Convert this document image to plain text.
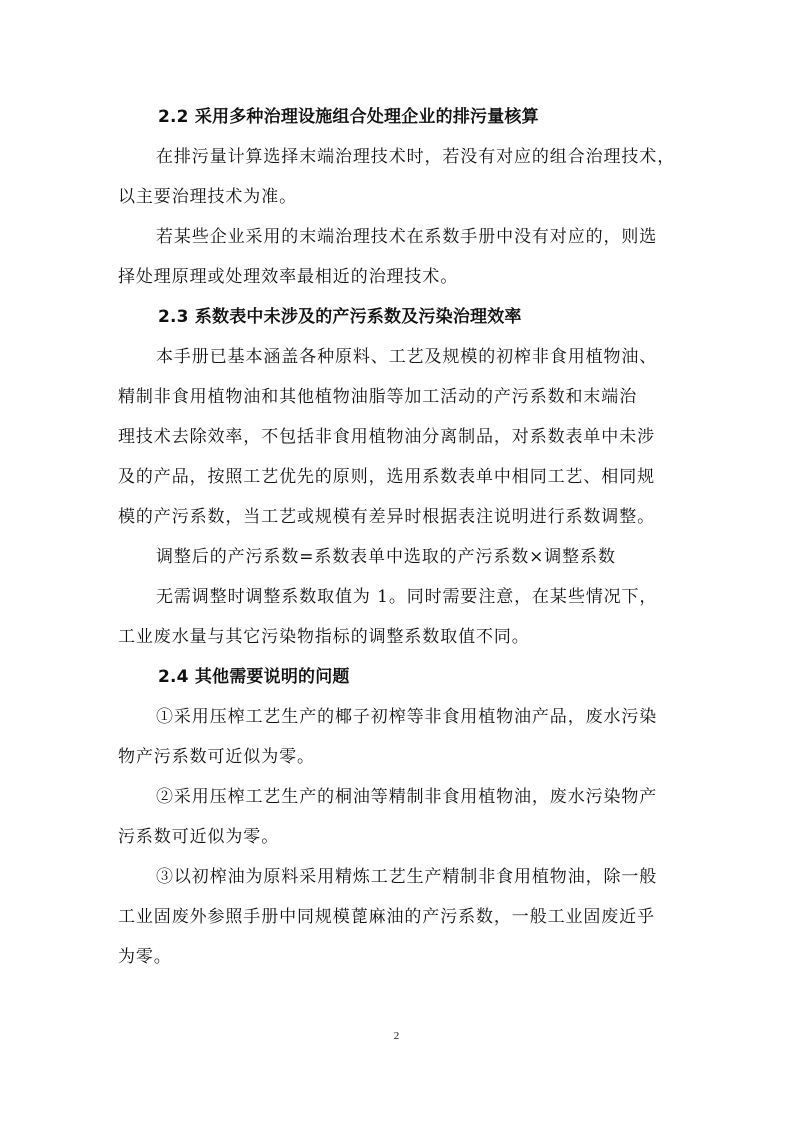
2.2 采用多种治理设施组合处理企业的排污量核算

在排污量计算选择末端治理技术时，若没有对应的组合治理技术，
以主要治理技术为准。

若某些企业采用的末端治理技术在系数手册中没有对应的，则选
择处理原理或处理效率最相近的治理技术。

2.3 系数表中未涉及的产污系数及污染治理效率

本手册已基本涵盖各种原料、工艺及规模的初榨非食用植物油、
精制非食用植物油和其他植物油脂等加工活动的产污系数和末端治
理技术去除效率，不包括非食用植物油分离制品，对系数表单中未涉
及的产品，按照工艺优先的原则，选用系数表单中相同工艺、相同规
模的产污系数，当工艺或规模有差异时根据表注说明进行系数调整。

调整后的产污系数=系数表单中选取的产污系数×调整系数

无需调整时调整系数取值为 1。同时需要注意，在某些情况下，
工业废水量与其它污染物指标的调整系数取值不同。

2.4 其他需要说明的问题

①采用压榨工艺生产的椰子初榨等非食用植物油产品，废水污染
物产污系数可近似为零。

②采用压榨工艺生产的桐油等精制非食用植物油，废水污染物产
污系数可近似为零。

③以初榨油为原料采用精炼工艺生产精制非食用植物油，除一般
工业固废外参照手册中同规模蓖麻油的产污系数，一般工业固废近乎
为零。

2
